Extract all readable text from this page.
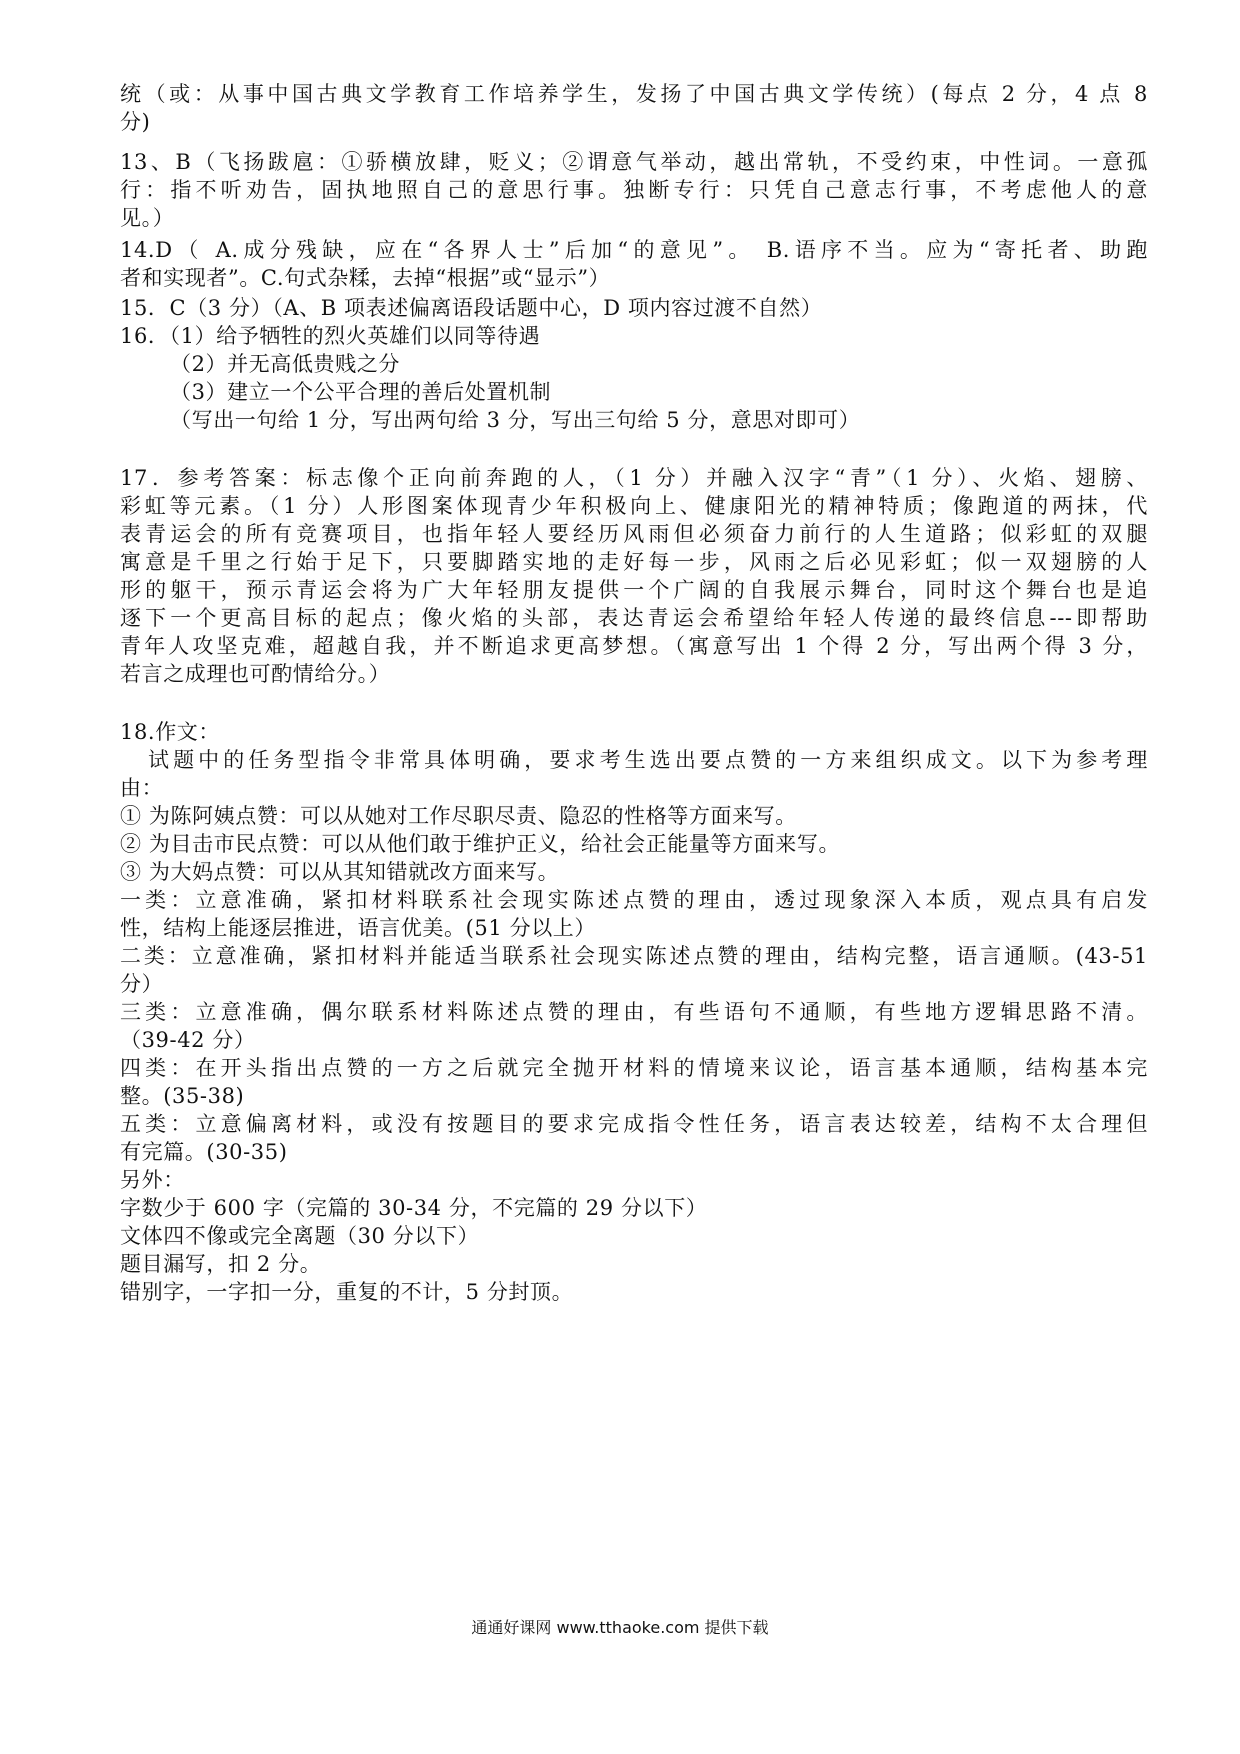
统（或：从事中国古典文学教育工作培养学生，发扬了中国古典文学传统）(每点 2 分，4 点 8
分)
13、B（飞扬跋扈：①骄横放肆，贬义；②谓意气举动，越出常轨，不受约束，中性词。一意孤
行：指不听劝告，固执地照自己的意思行事。独断专行：只凭自己意志行事，不考虑他人的意
见。）
14.D（ A.成分残缺，应在“各界人士”后加“的意见”。 B.语序不当。应为“寄托者、助跑
者和实现者”。C.句式杂糅，去掉“根据”或“显示”）
15．C（3 分）（A、B 项表述偏离语段话题中心，D 项内容过渡不自然）
16．（1）给予牺牲的烈火英雄们以同等待遇
（2）并无高低贵贱之分
（3）建立一个公平合理的善后处置机制
（写出一句给 1 分，写出两句给 3 分，写出三句给 5 分，意思对即可）
17．参考答案：标志像个正向前奔跑的人，（1 分）并融入汉字“青”（1 分）、火焰、翅膀、
彩虹等元素。（1 分）人形图案体现青少年积极向上、健康阳光的精神特质；像跑道的两抹，代
表青运会的所有竞赛项目，也指年轻人要经历风雨但必须奋力前行的人生道路；似彩虹的双腿
寓意是千里之行始于足下，只要脚踏实地的走好每一步，风雨之后必见彩虹；似一双翅膀的人
形的躯干，预示青运会将为广大年轻朋友提供一个广阔的自我展示舞台，同时这个舞台也是追
逐下一个更高目标的起点；像火焰的头部，表达青运会希望给年轻人传递的最终信息---即帮助
青年人攻坚克难，超越自我，并不断追求更高梦想。（寓意写出 1 个得 2 分，写出两个得 3 分，
若言之成理也可酌情给分。）
18.作文：
试题中的任务型指令非常具体明确，要求考生选出要点赞的一方来组织成文。以下为参考理
由：
① 为陈阿姨点赞：可以从她对工作尽职尽责、隐忍的性格等方面来写。
② 为目击市民点赞：可以从他们敢于维护正义，给社会正能量等方面来写。
③ 为大妈点赞：可以从其知错就改方面来写。
一类：立意准确，紧扣材料联系社会现实陈述点赞的理由，透过现象深入本质，观点具有启发
性，结构上能逐层推进，语言优美。(51 分以上）
二类：立意准确，紧扣材料并能适当联系社会现实陈述点赞的理由，结构完整，语言通顺。(43-51
分）
三类：立意准确，偶尔联系材料陈述点赞的理由，有些语句不通顺，有些地方逻辑思路不清。
（39-42 分）
四类：在开头指出点赞的一方之后就完全抛开材料的情境来议论，语言基本通顺，结构基本完
整。(35-38)
五类：立意偏离材料，或没有按题目的要求完成指令性任务，语言表达较差，结构不太合理但
有完篇。(30-35)
另外：
字数少于 600 字（完篇的 30-34 分，不完篇的 29 分以下）
文体四不像或完全离题（30 分以下）
题目漏写，扣 2 分。
错别字，一字扣一分，重复的不计，5 分封顶。
通通好课网 www.tthaoke.com 提供下载
